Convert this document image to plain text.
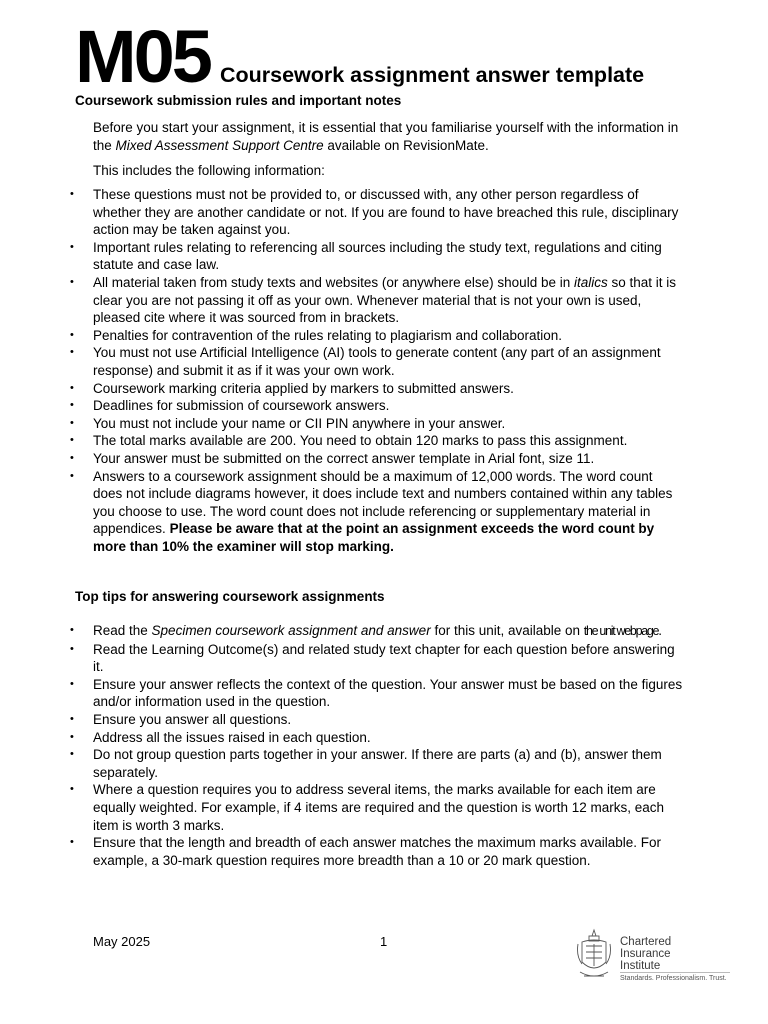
M05 Coursework assignment answer template
Coursework submission rules and important notes

Before you start your assignment, it is essential that you familiarise yourself with the information in the Mixed Assessment Support Centre available on RevisionMate.

This includes the following information:

• These questions must not be provided to, or discussed with, any other person regardless of whether they are another candidate or not. If you are found to have breached this rule, disciplinary action may be taken against you.
• Important rules relating to referencing all sources including the study text, regulations and citing statute and case law.
• All material taken from study texts and websites (or anywhere else) should be in italics so that it is clear you are not passing it off as your own. Whenever material that is not your own is used, pleased cite where it was sourced from in brackets.
• Penalties for contravention of the rules relating to plagiarism and collaboration.
• You must not use Artificial Intelligence (AI) tools to generate content (any part of an assignment response) and submit it as if it was your own work.
• Coursework marking criteria applied by markers to submitted answers.
• Deadlines for submission of coursework answers.
• You must not include your name or CII PIN anywhere in your answer.
• The total marks available are 200. You need to obtain 120 marks to pass this assignment.
• Your answer must be submitted on the correct answer template in Arial font, size 11.
• Answers to a coursework assignment should be a maximum of 12,000 words. The word count does not include diagrams however, it does include text and numbers contained within any tables you choose to use. The word count does not include referencing or supplementary material in appendices. Please be aware that at the point an assignment exceeds the word count by more than 10% the examiner will stop marking.
Top tips for answering coursework assignments
• Read the Specimen coursework assignment and answer for this unit, available on the unit webpage.
• Read the Learning Outcome(s) and related study text chapter for each question before answering it.
• Ensure your answer reflects the context of the question. Your answer must be based on the figures and/or information used in the question.
• Ensure you answer all questions.
• Address all the issues raised in each question.
• Do not group question parts together in your answer. If there are parts (a) and (b), answer them separately.
• Where a question requires you to address several items, the marks available for each item are equally weighted. For example, if 4 items are required and the question is worth 12 marks, each item is worth 3 marks.
• Ensure that the length and breadth of each answer matches the maximum marks available. For example, a 30-mark question requires more breadth than a 10 or 20 mark question.
May 2025	1	Chartered
Insurance
Institute
Standards. Professionalism. Trust.
